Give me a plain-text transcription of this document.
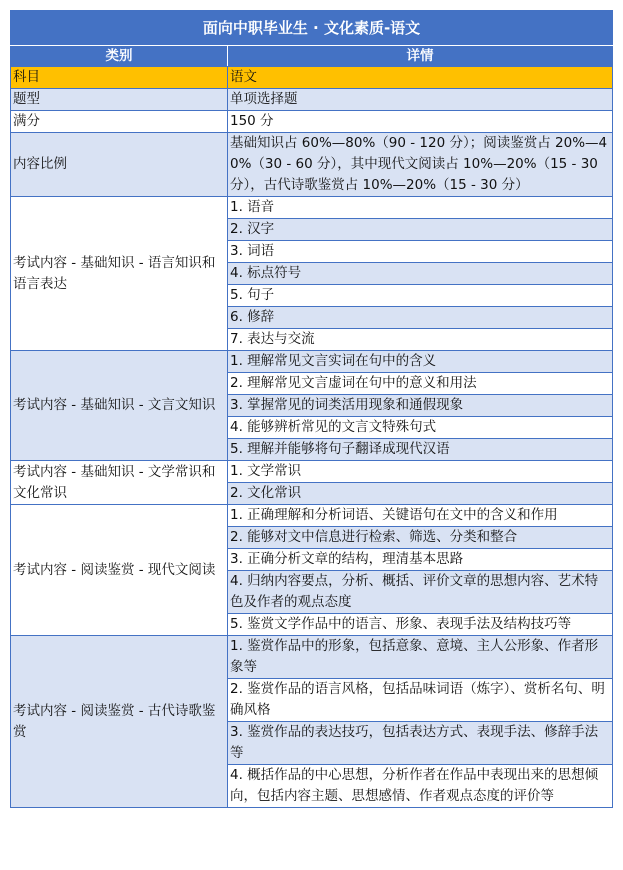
面向中职毕业生 · 文化素质-语文	
类别	详情
科目	语文
题型	单项选择题
满分	150 分
内容比例	基础知识占 60%—80%（90 - 120 分）；阅读鉴赏占 20%—40%（30 - 60 分），其中现代文阅读占 10%—20%（15 - 30 分），古代诗歌鉴赏占 10%—20%（15 - 30 分）
考试内容 - 基础知识 - 语言知识和语言表达	1. 语音
	2. 汉字
	3. 词语
	4. 标点符号
	5. 句子
	6. 修辞
	7. 表达与交流
考试内容 - 基础知识 - 文言文知识	1. 理解常见文言实词在句中的含义
	2. 理解常见文言虚词在句中的意义和用法
	3. 掌握常见的词类活用现象和通假现象
	4. 能够辨析常见的文言文特殊句式
	5. 理解并能够将句子翻译成现代汉语
考试内容 - 基础知识 - 文学常识和文化常识	1. 文学常识
	2. 文化常识
考试内容 - 阅读鉴赏 - 现代文阅读	1. 正确理解和分析词语、关键语句在文中的含义和作用
	2. 能够对文中信息进行检索、筛选、分类和整合
	3. 正确分析文章的结构，理清基本思路
	4. 归纳内容要点，分析、概括、评价文章的思想内容、艺术特色及作者的观点态度
	5. 鉴赏文学作品中的语言、形象、表现手法及结构技巧等
考试内容 - 阅读鉴赏 - 古代诗歌鉴赏	1. 鉴赏作品中的形象，包括意象、意境、主人公形象、作者形象等
	2. 鉴赏作品的语言风格，包括品味词语（炼字）、赏析名句、明确风格
	3. 鉴赏作品的表达技巧，包括表达方式、表现手法、修辞手法等
	4. 概括作品的中心思想，分析作者在作品中表现出来的思想倾向，包括内容主题、思想感情、作者观点态度的评价等
